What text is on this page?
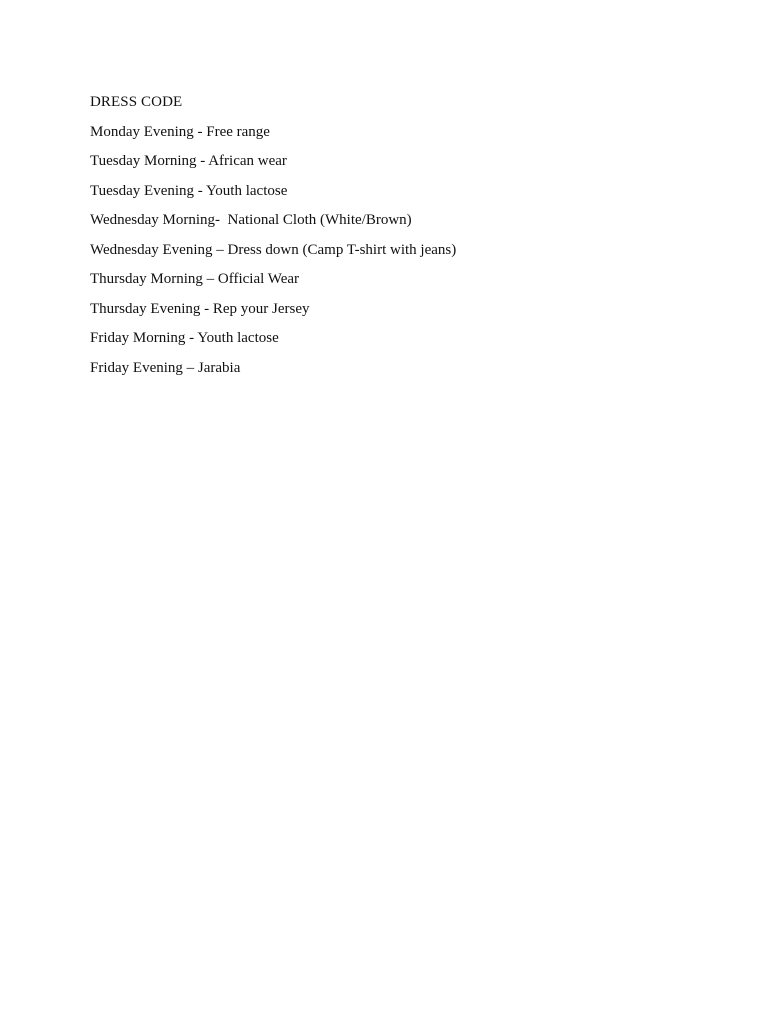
DRESS CODE
Monday Evening - Free range
Tuesday Morning - African wear
Tuesday Evening - Youth lactose
Wednesday Morning-  National Cloth (White/Brown)
Wednesday Evening – Dress down (Camp T-shirt with jeans)
Thursday Morning – Official Wear
Thursday Evening - Rep your Jersey
Friday Morning - Youth lactose
Friday Evening – Jarabia
